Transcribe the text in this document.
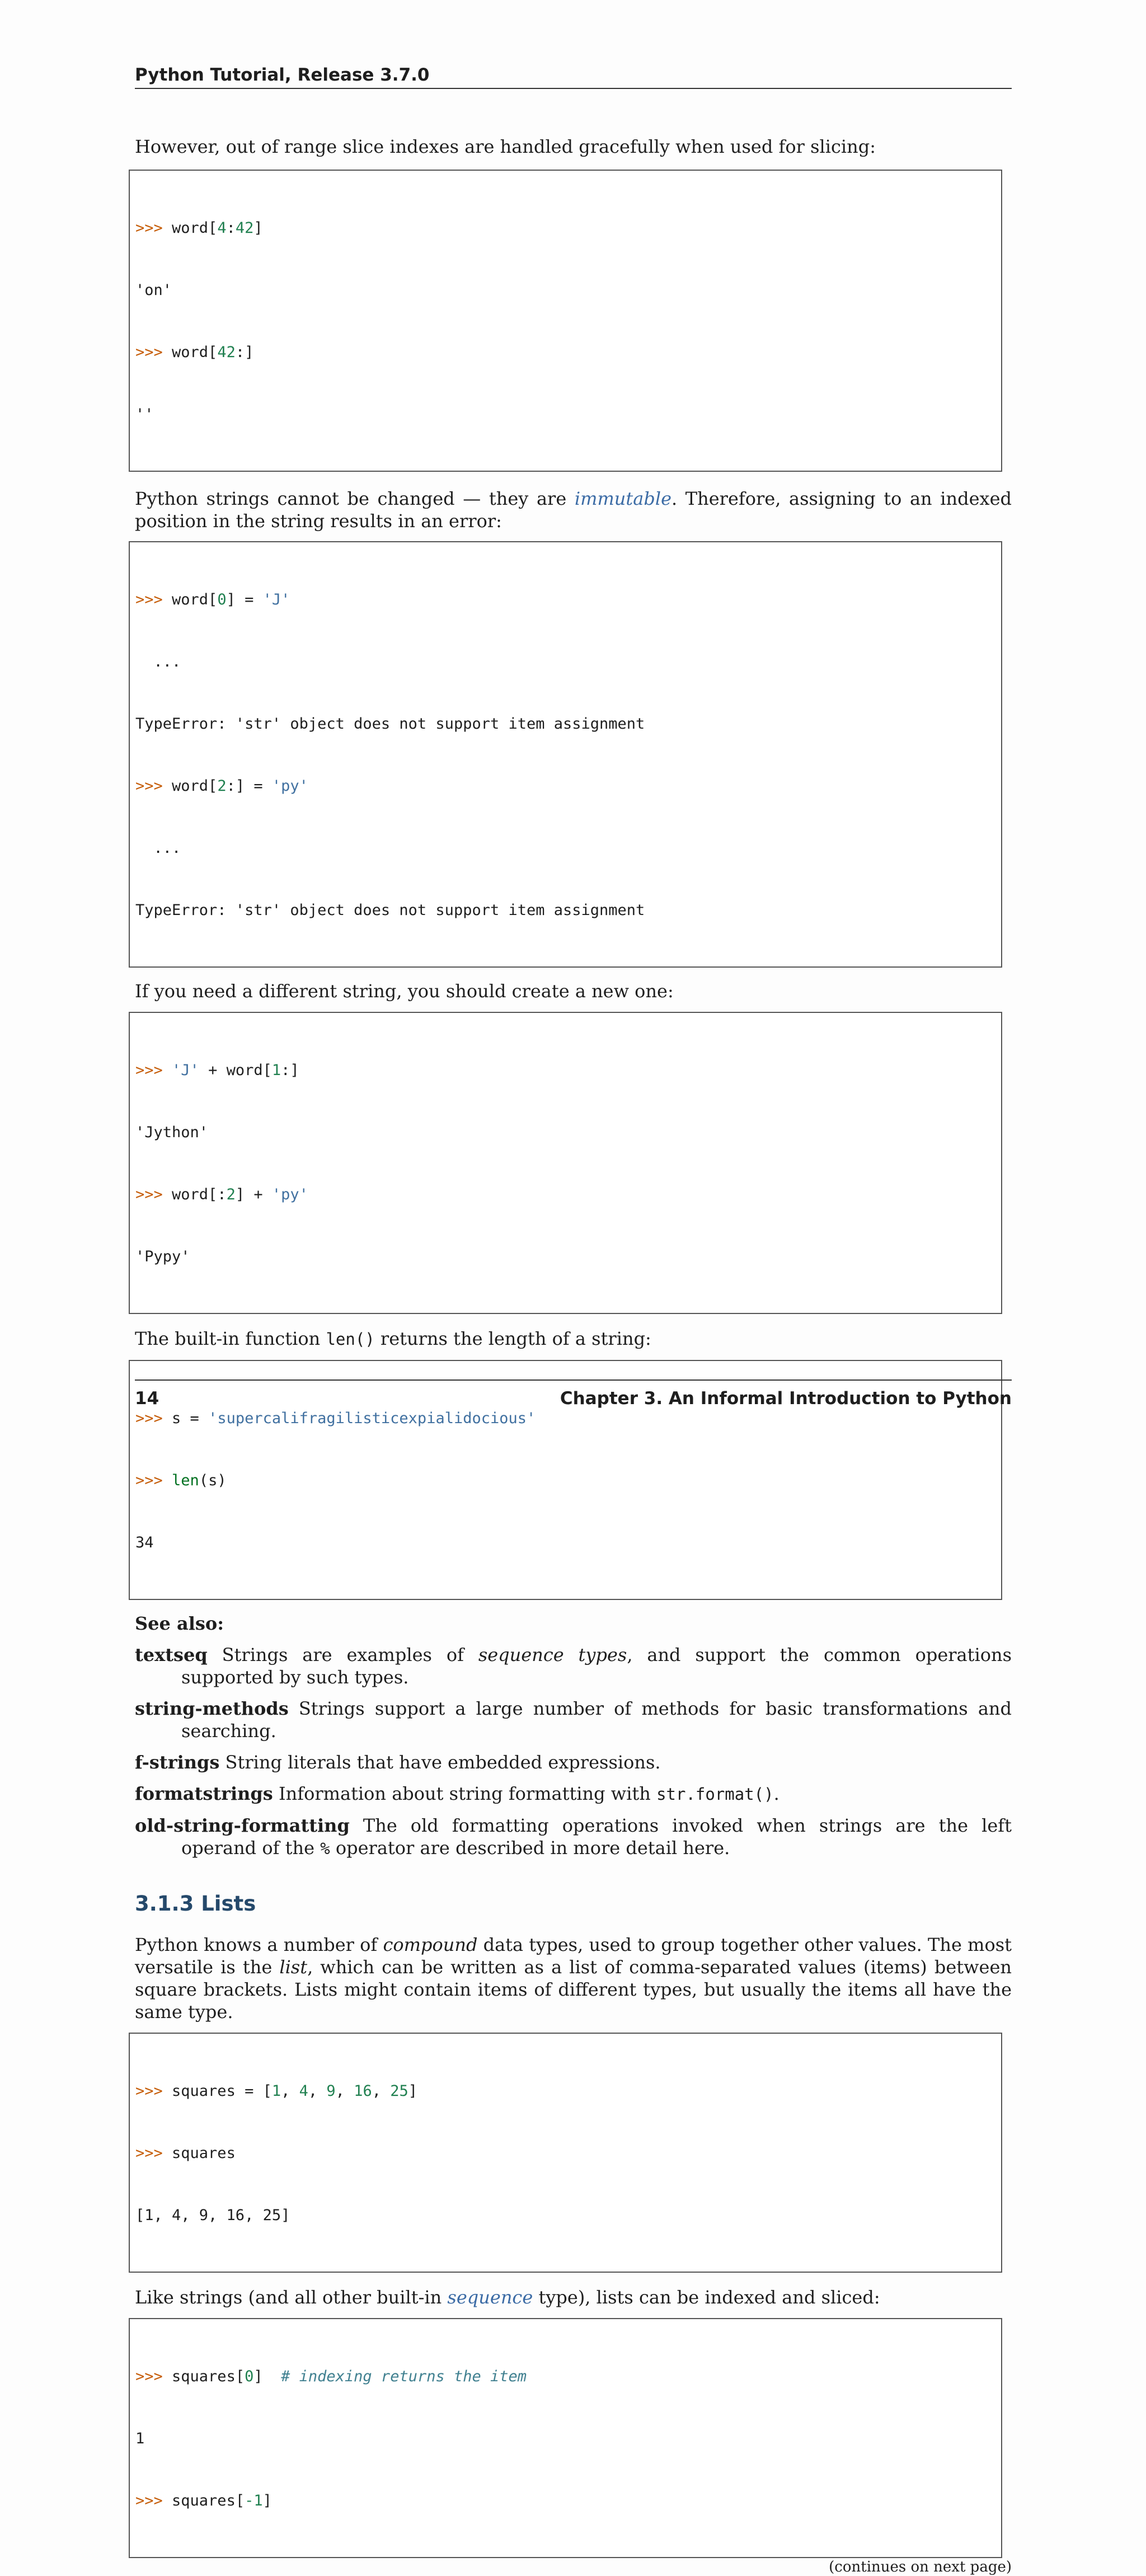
Python Tutorial, Release 3.7.0

However, out of range slice indexes are handled gracefully when used for slicing:

>>> word[4:42]

'on'

>>> word[42:]

''

Python strings cannot be changed — they are immutable. Therefore, assigning to an indexed position in the string results in an error:

>>> word[0] = 'J'

...

TypeError: 'str' object does not support item assignment

>>> word[2:] = 'py'

...

TypeError: 'str' object does not support item assignment

If you need a different string, you should create a new one:

>>> 'J' + word[1:]

'Jython'

>>> word[:2] + 'py'

'Pypy'

The built-in function len() returns the length of a string:

>>> s = 'supercalifragilisticexpialidocious'

>>> len(s)

34

See also:

textseq Strings are examples of sequence types, and support the common operations supported by such types.

string-methods Strings support a large number of methods for basic transformations and searching.

f-strings String literals that have embedded expressions.

formatstrings Information about string formatting with str.format().

old-string-formatting The old formatting operations invoked when strings are the left operand of the % operator are described in more detail here.

3.1.3 Lists

Python knows a number of compound data types, used to group together other values. The most versatile is the list, which can be written as a list of comma-separated values (items) between square brackets. Lists might contain items of different types, but usually the items all have the same type.

>>> squares = [1, 4, 9, 16, 25]

>>> squares

[1, 4, 9, 16, 25]

Like strings (and all other built-in sequence type), lists can be indexed and sliced:

>>> squares[0]  # indexing returns the item

1

>>> squares[-1]

(continues on next page)

14	Chapter 3. An Informal Introduction to Python
